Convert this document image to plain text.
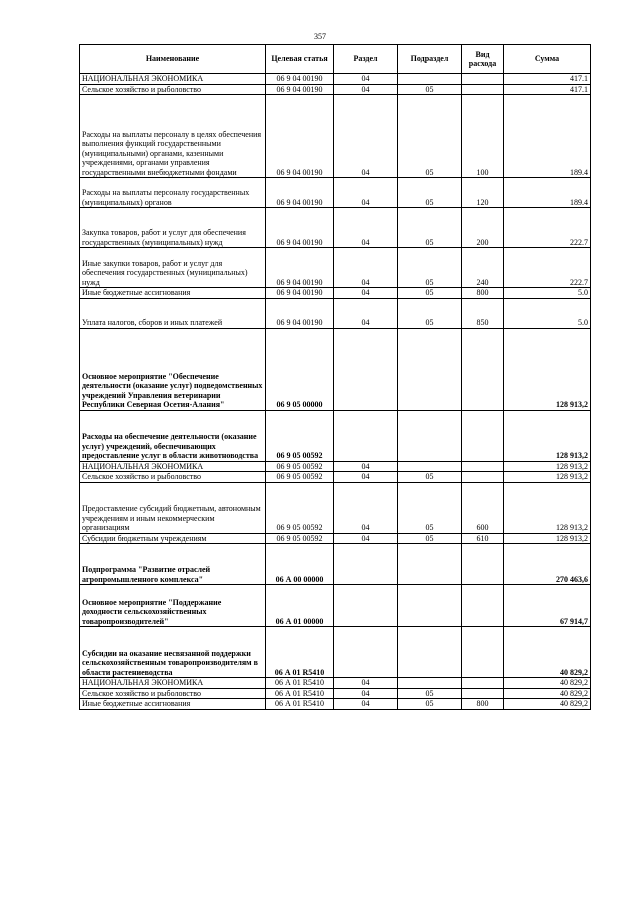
357
Наименование	Целевая статья	Раздел	Подраздел	Вид расхода	Сумма
НАЦИОНАЛЬНАЯ ЭКОНОМИКА	06 9 04 00190	04			417.1
Сельское хозяйство и рыболовство	06 9 04 00190	04	05		417.1
Расходы на выплаты персоналу в целях обеспечения выполнения функций государственными (муниципальными) органами, казенными учреждениями, органами управления государственными внебюджетными фондами	06 9 04 00190	04	05	100	189.4
Расходы на выплаты персоналу государственных (муниципальных) органов	06 9 04 00190	04	05	120	189.4
Закупка товаров, работ и услуг для обеспечения государственных (муниципальных) нужд	06 9 04 00190	04	05	200	222.7
Иные закупки товаров, работ и услуг для обеспечения государственных (муниципальных) нужд	06 9 04 00190	04	05	240	222.7
Иные бюджетные ассигнования	06 9 04 00190	04	05	800	5.0
Уплата налогов, сборов и иных платежей	06 9 04 00190	04	05	850	5.0
Основное мероприятие "Обеспечение деятельности (оказание услуг) подведомственных учреждений Управления ветеринарии Республики Северная Осетия-Алания"	06 9 05 00000				128 913,2
Расходы на обеспечение деятельности (оказание услуг) учреждений, обеспечивающих предоставление услуг в области животноводства	06 9 05 00592				128 913,2
НАЦИОНАЛЬНАЯ ЭКОНОМИКА	06 9 05 00592	04			128 913,2
Сельское хозяйство и рыболовство	06 9 05 00592	04	05		128 913,2
Предоставление субсидий бюджетным, автономным учреждениям и иным некоммерческим организациям	06 9 05 00592	04	05	600	128 913,2
Субсидии бюджетным учреждениям	06 9 05 00592	04	05	610	128 913,2
Подпрограмма "Развитие отраслей агропромышленного комплекса"	06 А 00 00000				270 463,6
Основное мероприятие "Поддержание доходности сельскохозяйственных товаропроизводителей"	06 А 01 00000				67 914,7
Субсидии на оказание несвязанной поддержки сельскохозяйственным товаропроизводителям в области растениеводства	06 А 01 R5410				40 829,2
НАЦИОНАЛЬНАЯ ЭКОНОМИКА	06 А 01 R5410	04			40 829,2
Сельское хозяйство и рыболовство	06 А 01 R5410	04	05		40 829,2
Иные бюджетные ассигнования	06 А 01 R5410	04	05	800	40 829,2
